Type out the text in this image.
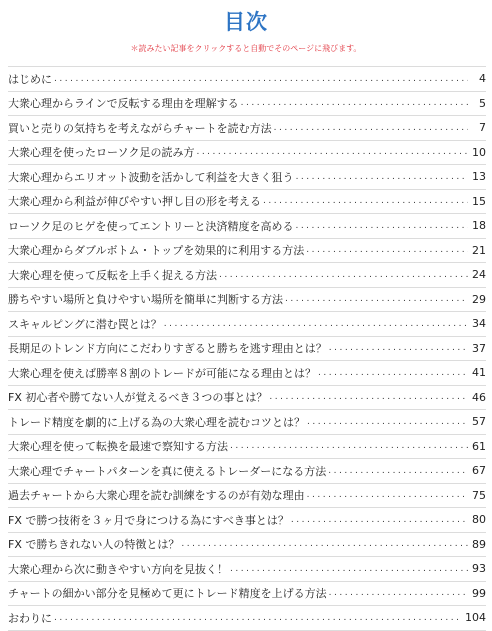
目次
＊読みたい記事をクリックすると自動でそのページに飛びます。
はじめに .....	4
大衆心理からラインで反転する理由を理解する .....	5
買いと売りの気持ちを考えながらチャートを読む方法 .....	7
大衆心理を使ったローソク足の読み方 .....	10
大衆心理からエリオット波動を活かして利益を大きく狙う .....	13
大衆心理から利益が伸びやすい押し目の形を考える .....	15
ローソク足のヒゲを使ってエントリーと決済精度を高める .....	18
大衆心理からダブルボトム・トップを効果的に利用する方法 .....	21
大衆心理を使って反転を上手く捉える方法 .....	24
勝ちやすい場所と負けやすい場所を簡単に判断する方法 .....	29
スキャルピングに潜む罠とは？ .....	34
長期足のトレンド方向にこだわりすぎると勝ちを逃す理由とは？ .....	37
大衆心理を使えば勝率８割のトレードが可能になる理由とは？ .....	41
FX 初心者や勝てない人が覚えるべき３つの事とは？ .....	46
トレード精度を劇的に上げる為の大衆心理を読むコツとは？ .....	57
大衆心理を使って転換を最速で察知する方法 .....	61
大衆心理でチャートパターンを真に使えるトレーダーになる方法 .....	67
過去チャートから大衆心理を読む訓練をするのが有効な理由 .....	75
FX で勝つ技術を３ヶ月で身につける為にすべき事とは？ .....	80
FX で勝ちきれない人の特徴とは？ .....	89
大衆心理から次に動きやすい方向を見抜く！ .....	93
チャートの細かい部分を見極めて更にトレード精度を上げる方法 .....	99
おわりに .....	104
